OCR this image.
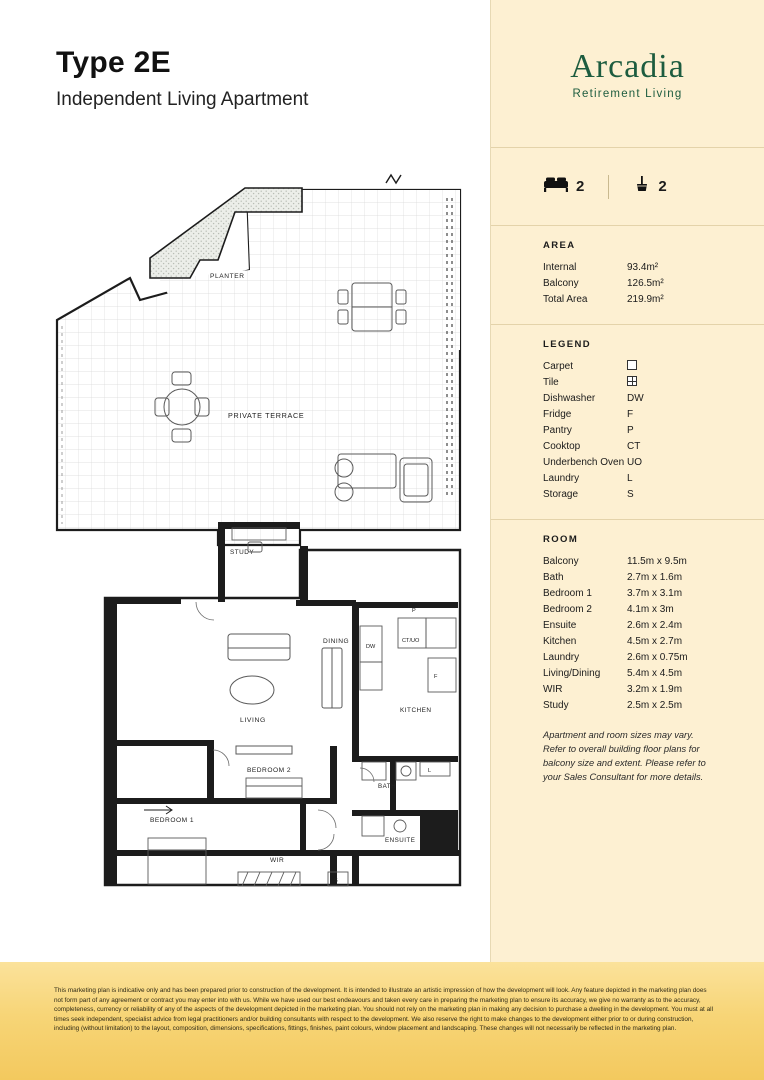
Type 2E
Independent Living Apartment
PLANTER
PRIVATE TERRACE
STUDY
LIVING
DINING
KITCHEN
DW
CT/UO
F
P
BATH
L
ENSUITE
BEDROOM 2
BEDROOM 1
WIR
S
Arcadia
Retirement Living
2	2
AREA
Internal	93.4m²
Balcony	126.5m²
Total Area	219.9m²
LEGEND
Carpet
Tile
Dishwasher	DW
Fridge	F
Pantry	P
Cooktop	CT
Underbench Oven UO
Laundry	L
Storage	S
ROOM
Balcony	11.5m x 9.5m
Bath	2.7m x 1.6m
Bedroom 1	3.7m x 3.1m
Bedroom 2	4.1m x 3m
Ensuite	2.6m x 2.4m
Kitchen	4.5m x 2.7m
Laundry	2.6m x 0.75m
Living/Dining	5.4m x 4.5m
WIR	3.2m x 1.9m
Study	2.5m x 2.5m
Apartment and room sizes may vary. Refer to overall building floor plans for balcony size and extent. Please refer to your Sales Consultant for more details.
This marketing plan is indicative only and has been prepared prior to construction of the development. It is intended to illustrate an artistic impression of how the development will look. Any feature depicted in the marketing plan does not form part of any agreement or contract you may enter into with us. While we have used our best endeavours and taken every care in preparing the marketing plan to ensure its accuracy, we give no warranty as to the accuracy, completeness, currency or reliability of any of the aspects of the development depicted in the marketing plan. You should not rely on the marketing plan in making any decision to purchase a dwelling in the development. You must at all times seek independent, specialist advice from legal practitioners and/or building consultants with respect to the development. We also reserve the right to make changes to the development either prior to or during construction, including (without limitation) to the layout, composition, dimensions, specifications, fittings, finishes, paint colours, window placement and landscaping. These changes will not necessarily be reflected in the marketing plan.
